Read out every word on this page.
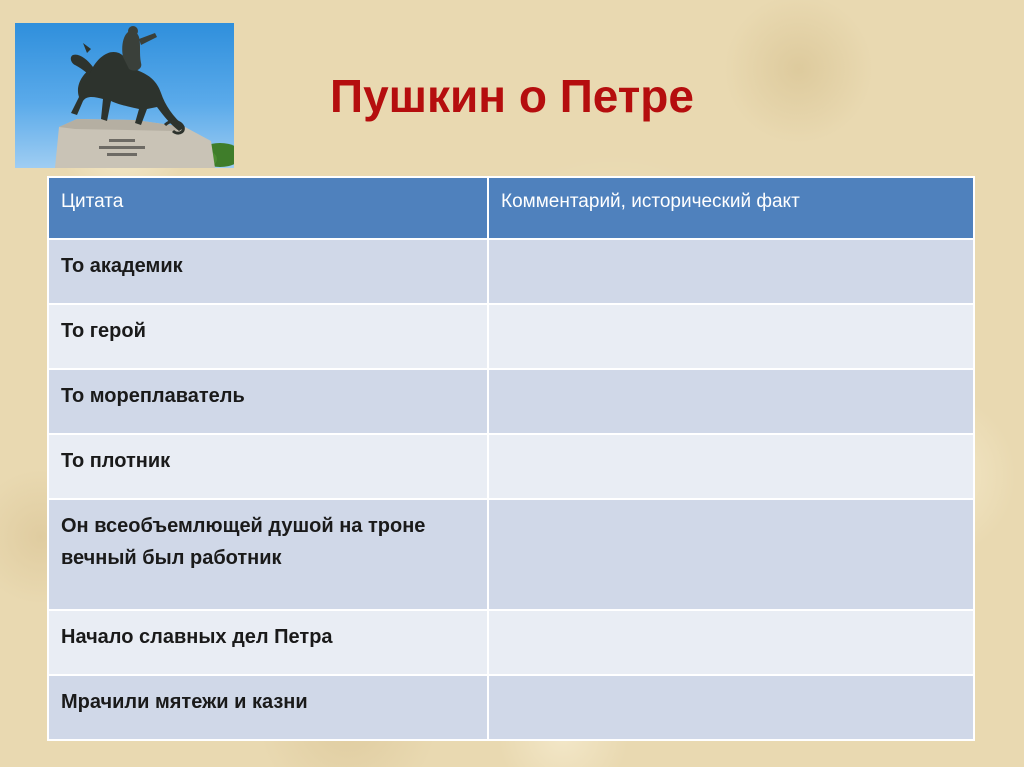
Пушкин о Петре
Цитата	Комментарий, исторический факт
То академик	
То герой	
То мореплаватель	
То плотник	
Он всеобъемлющей душой на троне вечный был работник	
Начало славных дел Петра	
Мрачили мятежи и казни	
